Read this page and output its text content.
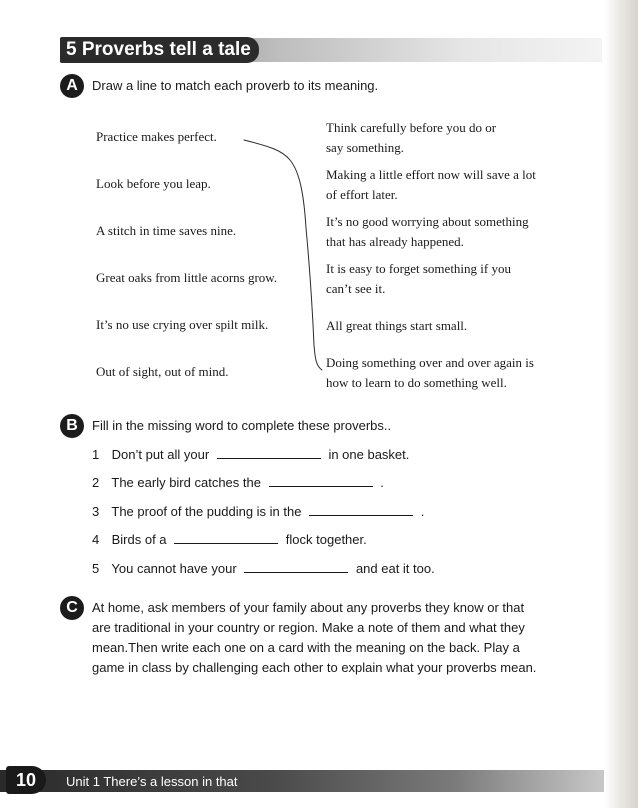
5 Proverbs tell a tale
A	Draw a line to match each proverb to its meaning.
Practice makes perfect.
Look before you leap.
A stitch in time saves nine.
Great oaks from little acorns grow.
It’s no use crying over spilt milk.
Out of sight, out of mind.
Think carefully before you do or
say something.
Making a little effort now will save a lot
of effort later.
It’s no good worrying about something
that has already happened.
It is easy to forget something if you
can’t see it.
All great things start small.
Doing something over and over again is
how to learn to do something well.
B	Fill in the missing word to complete these proverbs..
1 Don’t put all your	in one basket.
2 The early bird catches the	.
3 The proof of the pudding is in the	.
4 Birds of a	flock together.
5 You cannot have your	and eat it too.
C	At home, ask members of your family about any proverbs they know or that
are traditional in your country or region. Make a note of them and what they
mean.Then write each one on a card with the meaning on the back. Play a
game in class by challenging each other to explain what your proverbs mean.
10	Unit 1 There’s a lesson in that
